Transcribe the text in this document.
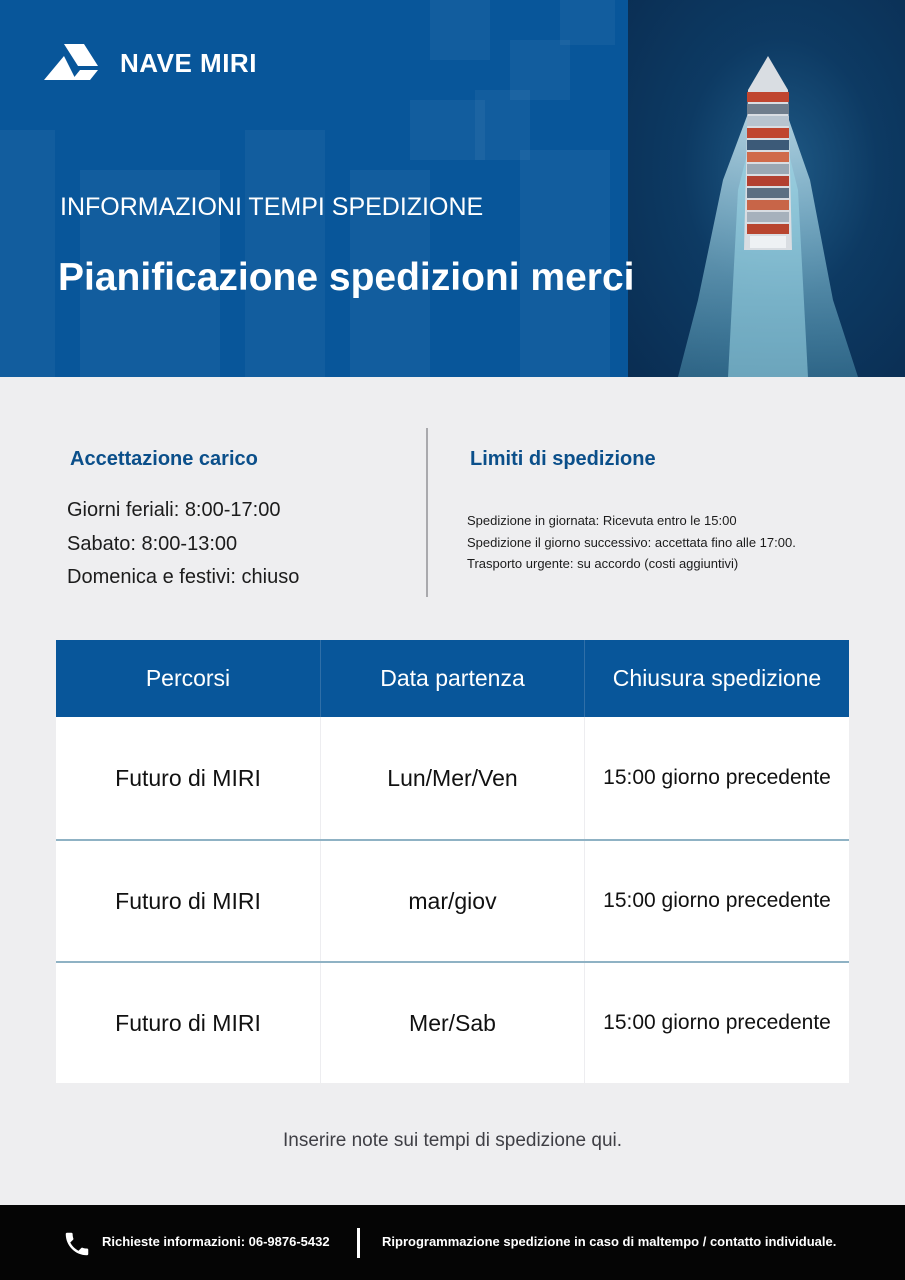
NAVE MIRI
INFORMAZIONI TEMPI SPEDIZIONE
Pianificazione spedizioni merci
Accettazione carico
Giorni feriali: 8:00-17:00
Sabato: 8:00-13:00
Domenica e festivi: chiuso
Limiti di spedizione
Spedizione in giornata: Ricevuta entro le 15:00
Spedizione il giorno successivo: accettata fino alle 17:00.
Trasporto urgente: su accordo (costi aggiuntivi)
Percorsi	Data partenza	Chiusura spedizione
Futuro di MIRI	Lun/Mer/Ven	15:00 giorno precedente
Futuro di MIRI	mar/giov	15:00 giorno precedente
Futuro di MIRI	Mer/Sab	15:00 giorno precedente
Inserire note sui tempi di spedizione qui.
Richieste informazioni: 06-9876-5432	Riprogrammazione spedizione in caso di maltempo / contatto individuale.
